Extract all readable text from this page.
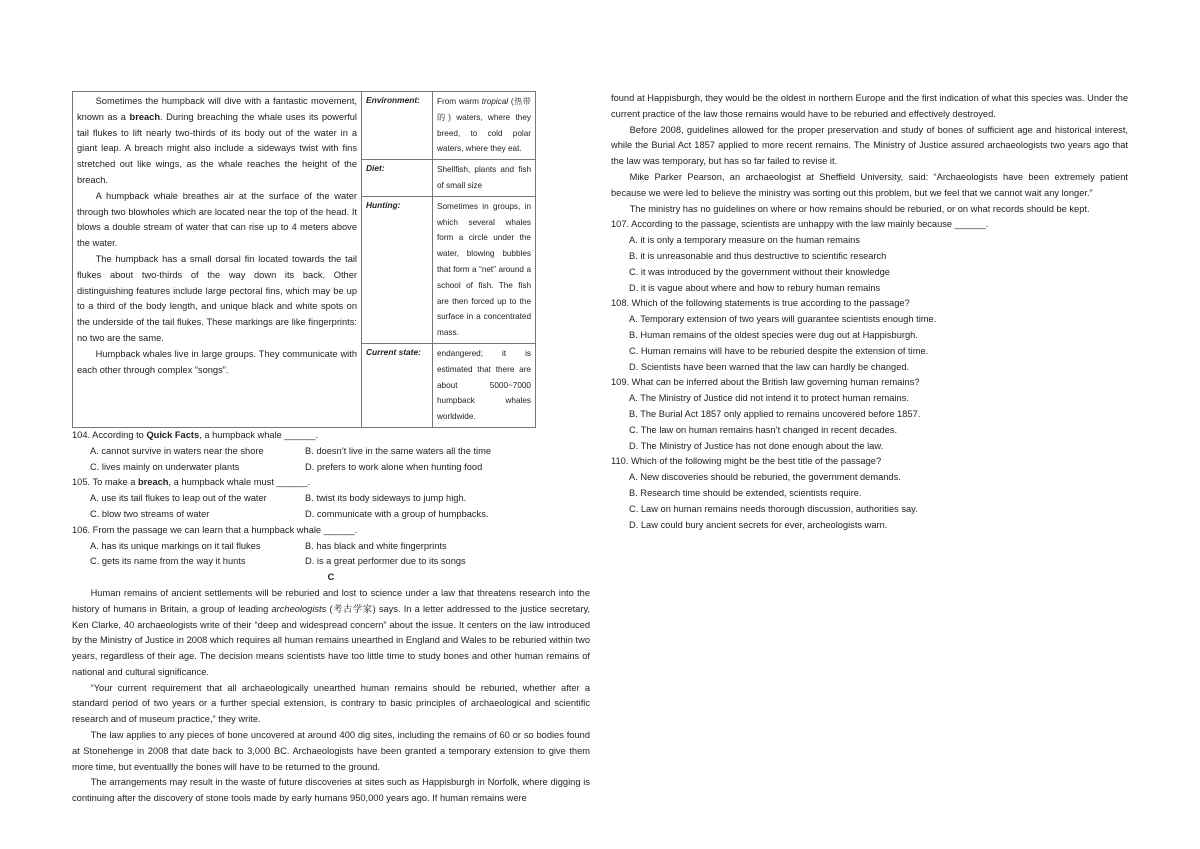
Sometimes the humpback will dive with a fantastic movement, known as a breach. During breaching the whale uses its powerful tail flukes to lift nearly two-thirds of its body out of the water in a giant leap. A breach might also include a sideways twist with fins stretched out like wings, as the whale reaches the height of the breach.

A humpback whale breathes air at the surface of the water through two blowholes which are located near the top of the head. It blows a double stream of water that can rise up to 4 meters above the water.

The humpback has a small dorsal fin located towards the tail flukes about two-thirds of the way down its back. Other distinguishing features include large pectoral fins, which may be up to a third of the body length, and unique black and white spots on the underside of the tail flukes. These markings are like fingerprints: no two are the same.

Humpback whales live in large groups. They communicate with each other through complex “songs”.	Environment:	From warm tropical (热带的) waters, where they breed, to cold polar waters, where they eat.
	Diet:	Shellfish, plants and fish of small size
	Hunting:	Sometimes in groups, in which several whales form a circle under the water, blowing bubbles that form a “net” around a school of fish. The fish are then forced up to the surface in a concentrated mass.
	Current state:	endangered; it is estimated that there are about 5000~7000 humpback whales worldwide.

104. According to Quick Facts, a humpback whale ______.

A. cannot survive in waters near the shore	B. doesn’t live in the same waters all the time
C. lives mainly on underwater plants	D. prefers to work alone when hunting food

105. To make a breach, a humpback whale must ______.

A. use its tail flukes to leap out of the water	B. twist its body sideways to jump high.
C. blow two streams of water	D. communicate with a group of humpbacks.

106. From the passage we can learn that a humpback whale ______.

A. has its unique markings on it tail flukes	B. has black and white fingerprints
C. gets its name from the way it hunts	D. is a great performer due to its songs

C

Human remains of ancient settlements will be reburied and lost to science under a law that threatens research into the history of humans in Britain, a group of leading archeologists (考古学家) says. In a letter addressed to the justice secretary, Ken Clarke, 40 archaeologists write of their “deep and widespread concern” about the issue. It centers on the law introduced by the Ministry of Justice in 2008 which requires all human remains unearthed in England and Wales to be reburied within two years, regardless of their age. The decision means scientists have too little time to study bones and other human remains of national and cultural significance.

“Your current requirement that all archaeologically unearthed human remains should be reburied, whether after a standard period of two years or a further special extension, is contrary to basic principles of archaeological and scientific research and of museum practice,” they write.

The law applies to any pieces of bone uncovered at around 400 dig sites, including the remains of 60 or so bodies found at Stonehenge in 2008 that date back to 3,000 BC. Archaeologists have been granted a temporary extension to give them more time, but eventuallly the bones will have to be returned to the ground.

The arrangements may result in the waste of future discoveries at sites such as Happisburgh in Norfolk, where digging is continuing after the discovery of stone tools made by early humans 950,000 years ago. If human remains were

found at Happisburgh, they would be the oldest in northern Europe and the first indication of what this species was. Under the current practice of the law those remains would have to be reburied and effectively destroyed.

Before 2008, guidelines allowed for the proper preservation and study of bones of sufficient age and historical interest, while the Burial Act 1857 applied to more recent remains. The Ministry of Justice assured archaeologists two years ago that the law was temporary, but has so far failed to revise it.

Mike Parker Pearson, an archaeologist at Sheffield University, said: “Archaeologists have been extremely patient because we were led to believe the ministry was sorting out this problem, but we feel that we cannot wait any longer.”

The ministry has no guidelines on where or how remains should be reburied, or on what records should be kept.

107. According to the passage, scientists are unhappy with the law mainly because ______.

A. it is only a temporary measure on the human remains

B. it is unreasonable and thus destructive to scientific research

C. it was introduced by the government without their knowledge

D. it is vague about where and how to rebury human remains

108. Which of the following statements is true according to the passage?

A. Temporary extension of two years will guarantee scientists enough time.

B. Human remains of the oldest species were dug out at Happisburgh.

C. Human remains will have to be reburied despite the extension of time.

D. Scientists have been warned that the law can hardly be changed.

109. What can be inferred about the British law governing human remains?

A. The Ministry of Justice did not intend it to protect human remains.

B. The Burial Act 1857 only applied to remains uncovered before 1857.

C. The law on human remains hasn’t changed in recent decades.

D. The Ministry of Justice has not done enough about the law.

110. Which of the following might be the best title of the passage?

A. New discoveries should be reburied, the government demands.

B. Research time should be extended, scientists require.

C. Law on human remains needs thorough discussion, authorities say.

D. Law could bury ancient secrets for ever, archeologists warn.
